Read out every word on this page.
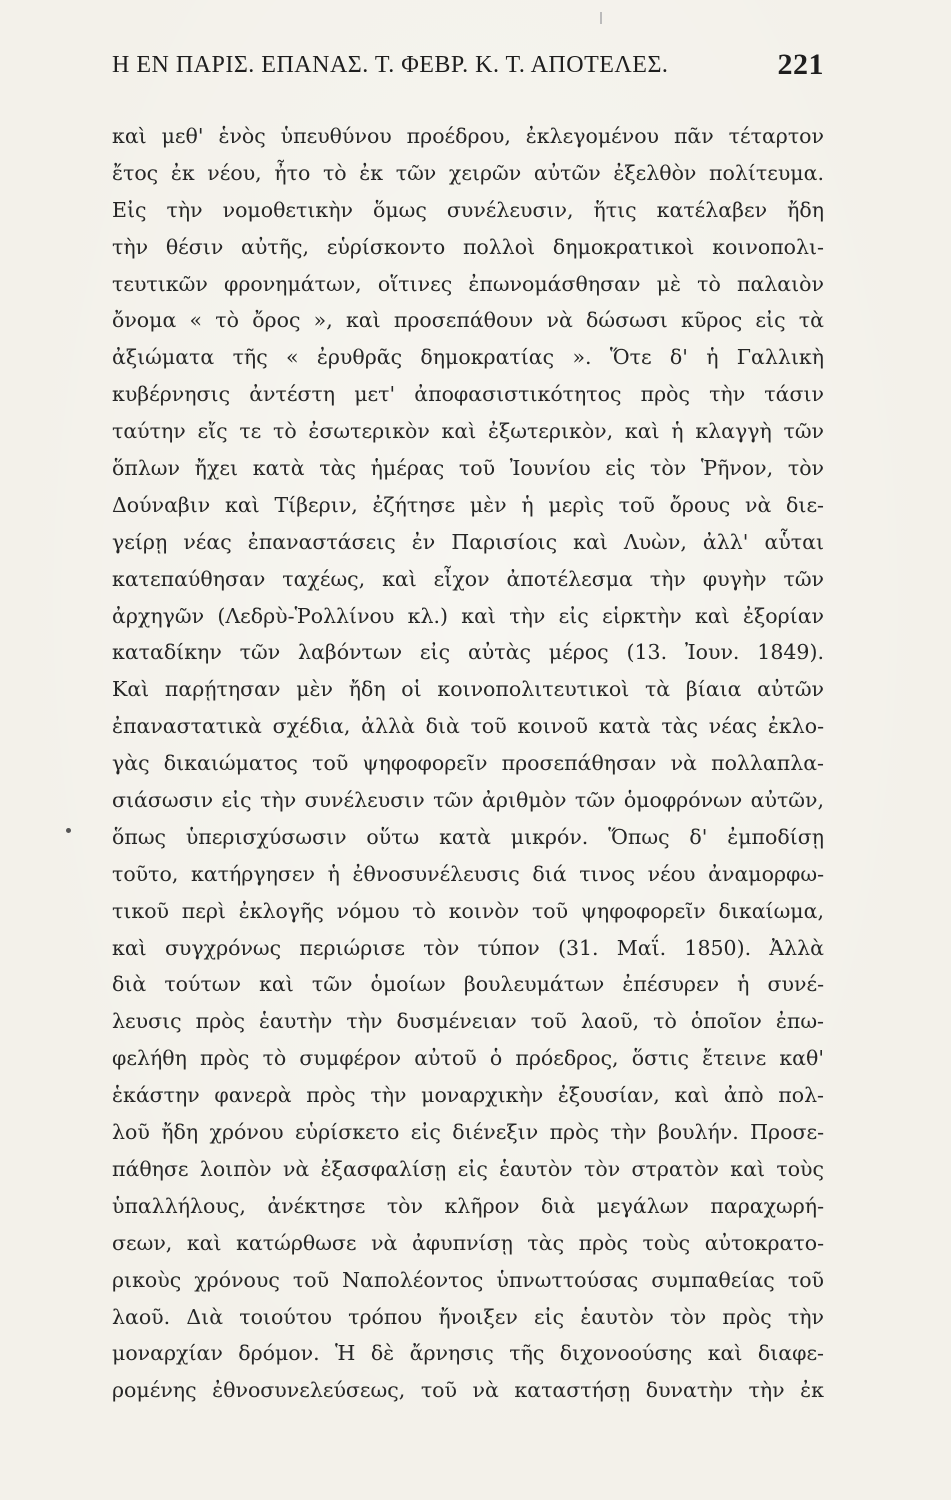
Η ΕΝ ΠΑΡΙΣ. ΕΠΑΝΑΣ. Τ. ΦΕΒΡ. Κ. Τ. ΑΠΟΤΕΛΕΣ.	221
καὶ μεθ' ἑνὸς ὑπευθύνου προέδρου, ἐκλεγομένου πᾶν τέταρτον
ἔτος ἐκ νέου, ἦτο τὸ ἐκ τῶν χειρῶν αὐτῶν ἐξελθὸν πολίτευμα.
Εἰς τὴν νομοθετικὴν ὅμως συνέλευσιν, ἥτις κατέλαβεν ἤδη
τὴν θέσιν αὐτῆς, εὑρίσκοντο πολλοὶ δημοκρατικοὶ κοινοπολι-
τευτικῶν φρονημάτων, οἵτινες ἐπωνομάσθησαν μὲ τὸ παλαιὸν
ὄνομα « τὸ ὄρος », καὶ προσεπάθουν νὰ δώσωσι κῦρος εἰς τὰ
ἀξιώματα τῆς « ἐρυθρᾶς δημοκρατίας ». Ὅτε δ' ἡ Γαλλικὴ
κυβέρνησις ἀντέστη μετ' ἀποφασιστικότητος πρὸς τὴν τάσιν
ταύτην εἴς τε τὸ ἐσωτερικὸν καὶ ἐξωτερικὸν, καὶ ἡ κλαγγὴ τῶν
ὅπλων ἤχει κατὰ τὰς ἡμέρας τοῦ Ἰουνίου εἰς τὸν Ῥῆνον, τὸν
Δούναβιν καὶ Τίβεριν, ἐζήτησε μὲν ἡ μερὶς τοῦ ὄρους νὰ διε-
γείρῃ νέας ἐπαναστάσεις ἐν Παρισίοις καὶ Λυὼν, ἀλλ' αὗται
κατεπαύθησαν ταχέως, καὶ εἶχον ἀποτέλεσμα τὴν φυγὴν τῶν
ἀρχηγῶν (Λεδρὺ-Ῥολλίνου κλ.) καὶ τὴν εἰς εἱρκτὴν καὶ ἐξορίαν
καταδίκην τῶν λαβόντων εἰς αὐτὰς μέρος (13. Ἰουν. 1849).
Καὶ παρῄτησαν μὲν ἤδη οἱ κοινοπολιτευτικοὶ τὰ βίαια αὐτῶν
ἐπαναστατικὰ σχέδια, ἀλλὰ διὰ τοῦ κοινοῦ κατὰ τὰς νέας ἐκλο-
γὰς δικαιώματος τοῦ ψηφοφορεῖν προσεπάθησαν νὰ πολλαπλα-
σιάσωσιν εἰς τὴν συνέλευσιν τῶν ἀριθμὸν τῶν ὁμοφρόνων αὐτῶν,
ὅπως ὑπερισχύσωσιν οὕτω κατὰ μικρόν. Ὅπως δ' ἐμποδίσῃ
τοῦτο, κατήργησεν ἡ ἐθνοσυνέλευσις διά τινος νέου ἀναμορφω-
τικοῦ περὶ ἐκλογῆς νόμου τὸ κοινὸν τοῦ ψηφοφορεῖν δικαίωμα,
καὶ συγχρόνως περιώρισε τὸν τύπον (31. Μαΐ. 1850). Ἀλλὰ
διὰ τούτων καὶ τῶν ὁμοίων βουλευμάτων ἐπέσυρεν ἡ συνέ-
λευσις πρὸς ἑαυτὴν τὴν δυσμένειαν τοῦ λαοῦ, τὸ ὁποῖον ἐπω-
φελήθη πρὸς τὸ συμφέρον αὐτοῦ ὁ πρόεδρος, ὅστις ἔτεινε καθ'
ἑκάστην φανερὰ πρὸς τὴν μοναρχικὴν ἐξουσίαν, καὶ ἀπὸ πολ-
λοῦ ἤδη χρόνου εὑρίσκετο εἰς διένεξιν πρὸς τὴν βουλήν. Προσε-
πάθησε λοιπὸν νὰ ἐξασφαλίσῃ εἰς ἑαυτὸν τὸν στρατὸν καὶ τοὺς
ὑπαλλήλους, ἀνέκτησε τὸν κλῆρον διὰ μεγάλων παραχωρή-
σεων, καὶ κατώρθωσε νὰ ἀφυπνίσῃ τὰς πρὸς τοὺς αὐτοκρατο-
ρικοὺς χρόνους τοῦ Ναπολέοντος ὑπνωττούσας συμπαθείας τοῦ
λαοῦ. Διὰ τοιούτου τρόπου ἤνοιξεν εἰς ἑαυτὸν τὸν πρὸς τὴν
μοναρχίαν δρόμον. Ἡ δὲ ἄρνησις τῆς διχονοούσης καὶ διαφε-
ρομένης ἐθνοσυνελεύσεως, τοῦ νὰ καταστήσῃ δυνατὴν τὴν ἐκ
